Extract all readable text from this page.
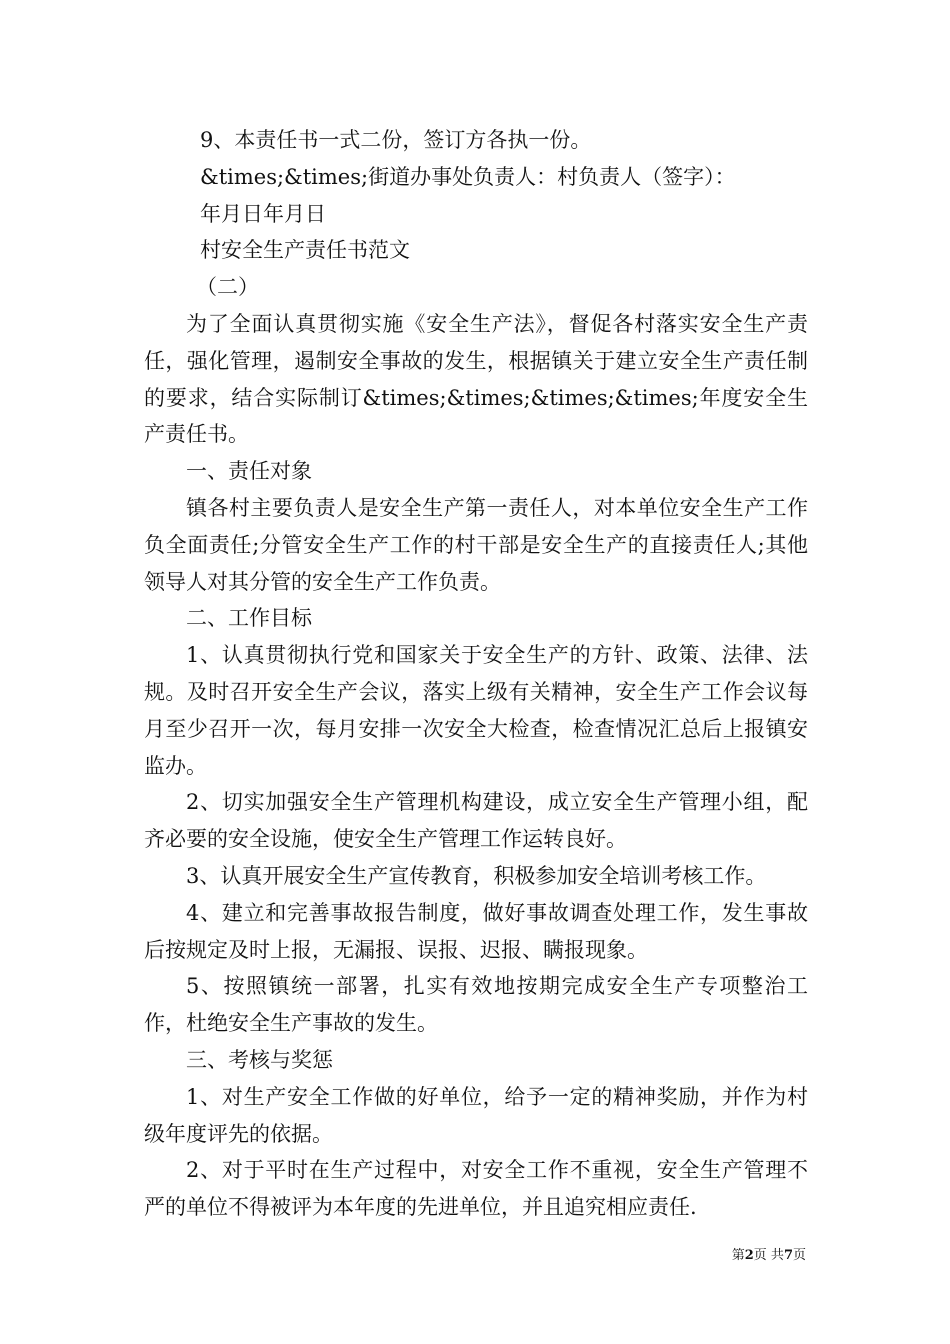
9、本责任书一式二份，签订方各执一份。
&times;&times;街道办事处负责人：村负责人（签字）：
年月日年月日
村安全生产责任书范文
（二）

为了全面认真贯彻实施《安全生产法》，督促各村落实安全生产责任，强化管理，遏制安全事故的发生，根据镇关于建立安全生产责任制的要求，结合实际制订&times;&times;&times;&times;年度安全生产责任书。

一、责任对象

镇各村主要负责人是安全生产第一责任人，对本单位安全生产工作负全面责任;分管安全生产工作的村干部是安全生产的直接责任人;其他领导人对其分管的安全生产工作负责。

二、工作目标

1、认真贯彻执行党和国家关于安全生产的方针、政策、法律、法规。及时召开安全生产会议，落实上级有关精神，安全生产工作会议每月至少召开一次，每月安排一次安全大检查，检查情况汇总后上报镇安监办。

2、切实加强安全生产管理机构建设，成立安全生产管理小组，配齐必要的安全设施，使安全生产管理工作运转良好。

3、认真开展安全生产宣传教育，积极参加安全培训考核工作。

4、建立和完善事故报告制度，做好事故调查处理工作，发生事故后按规定及时上报，无漏报、误报、迟报、瞒报现象。

5、按照镇统一部署，扎实有效地按期完成安全生产专项整治工作，杜绝安全生产事故的发生。

三、考核与奖惩

1、对生产安全工作做的好单位，给予一定的精神奖励，并作为村级年度评先的依据。

2、对于平时在生产过程中，对安全工作不重视，安全生产管理不严的单位不得被评为本年度的先进单位，并且追究相应责任.

第2页 共7页
